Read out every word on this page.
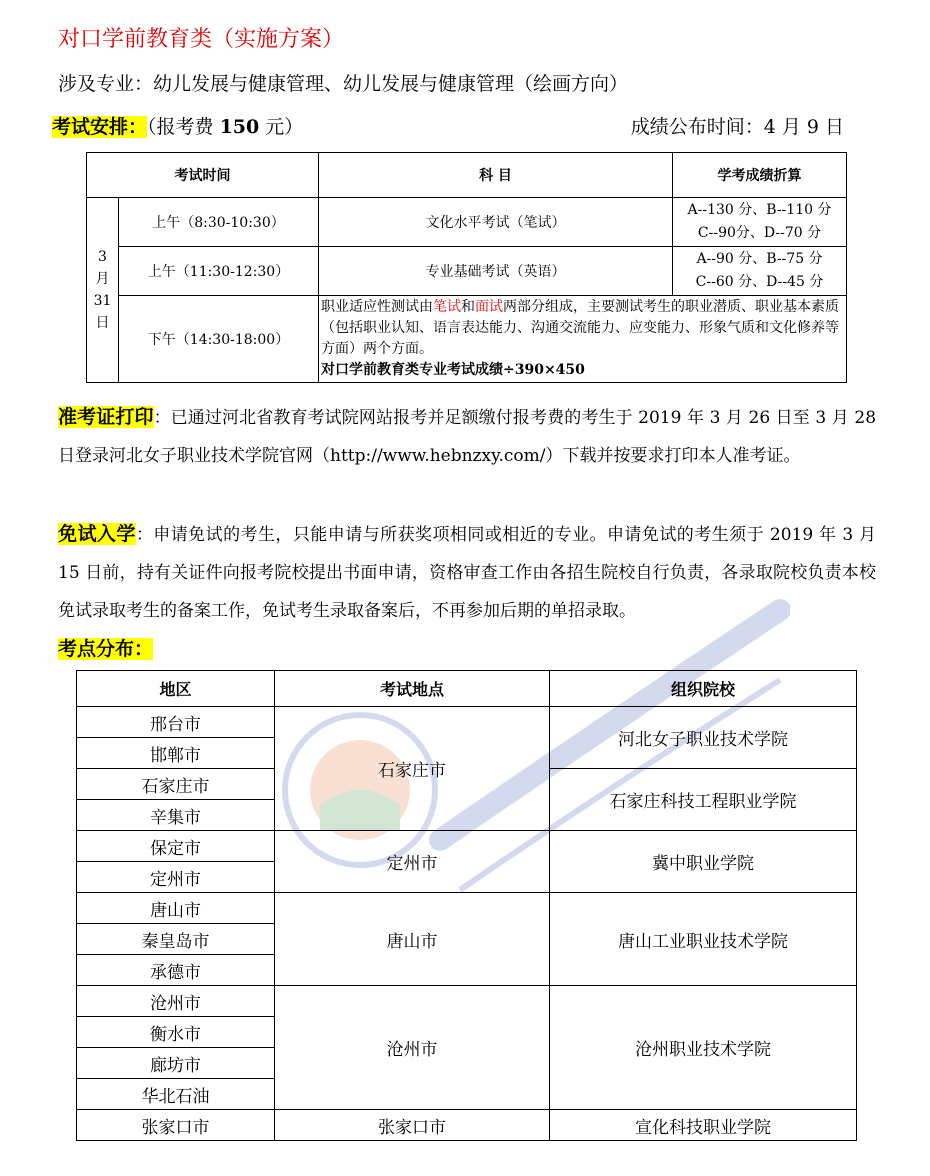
对口学前教育类（实施方案）
涉及专业：幼儿发展与健康管理、幼儿发展与健康管理（绘画方向）
考试安排：（报考费 150 元）	成绩公布时间：4 月 9 日
考试时间		科 目	学考成绩折算
3月31日	上午（8:30-10:30）	文化水平考试（笔试）	A--130 分、B--110 分
C--90分、D--70 分

	上午（11:30-12:30）	专业基础考试（英语）	A--90 分、B--75 分
C--60 分、D--45 分

	下午（14:30-18:00）	职业适应性测试由笔试和面试两部分组成，主要测试考生的职业潜质、职业基本素质（包括职业认知、语言表达能力、沟通交流能力、应变能力、形象气质和文化修养等方面）两个方面。
对口学前教育类专业考试成绩÷390×450	
准考证打印：已通过河北省教育考试院网站报考并足额缴付报考费的考生于 2019 年 3 月 26 日至 3 月 28 日登录河北女子职业技术学院官网（http://www.hebnzxy.com/）下载并按要求打印本人准考证。
免试入学：申请免试的考生，只能申请与所获奖项相同或相近的专业。申请免试的考生须于 2019 年 3 月 15 日前，持有关证件向报考院校提出书面申请，资格审查工作由各招生院校自行负责，各录取院校负责本校免试录取考生的备案工作，免试考生录取备案后，不再参加后期的单招录取。
考点分布：
地区	考试地点	组织院校
邢台市	石家庄市	河北女子职业技术学院
邯郸市		
石家庄市		石家庄科技工程职业学院
辛集市		
保定市	定州市	冀中职业学院
定州市		
唐山市	唐山市	唐山工业职业技术学院
秦皇岛市		
承德市		
沧州市	沧州市	沧州职业技术学院
衡水市		
廊坊市		
华北石油		
张家口市	张家口市	宣化科技职业学院
